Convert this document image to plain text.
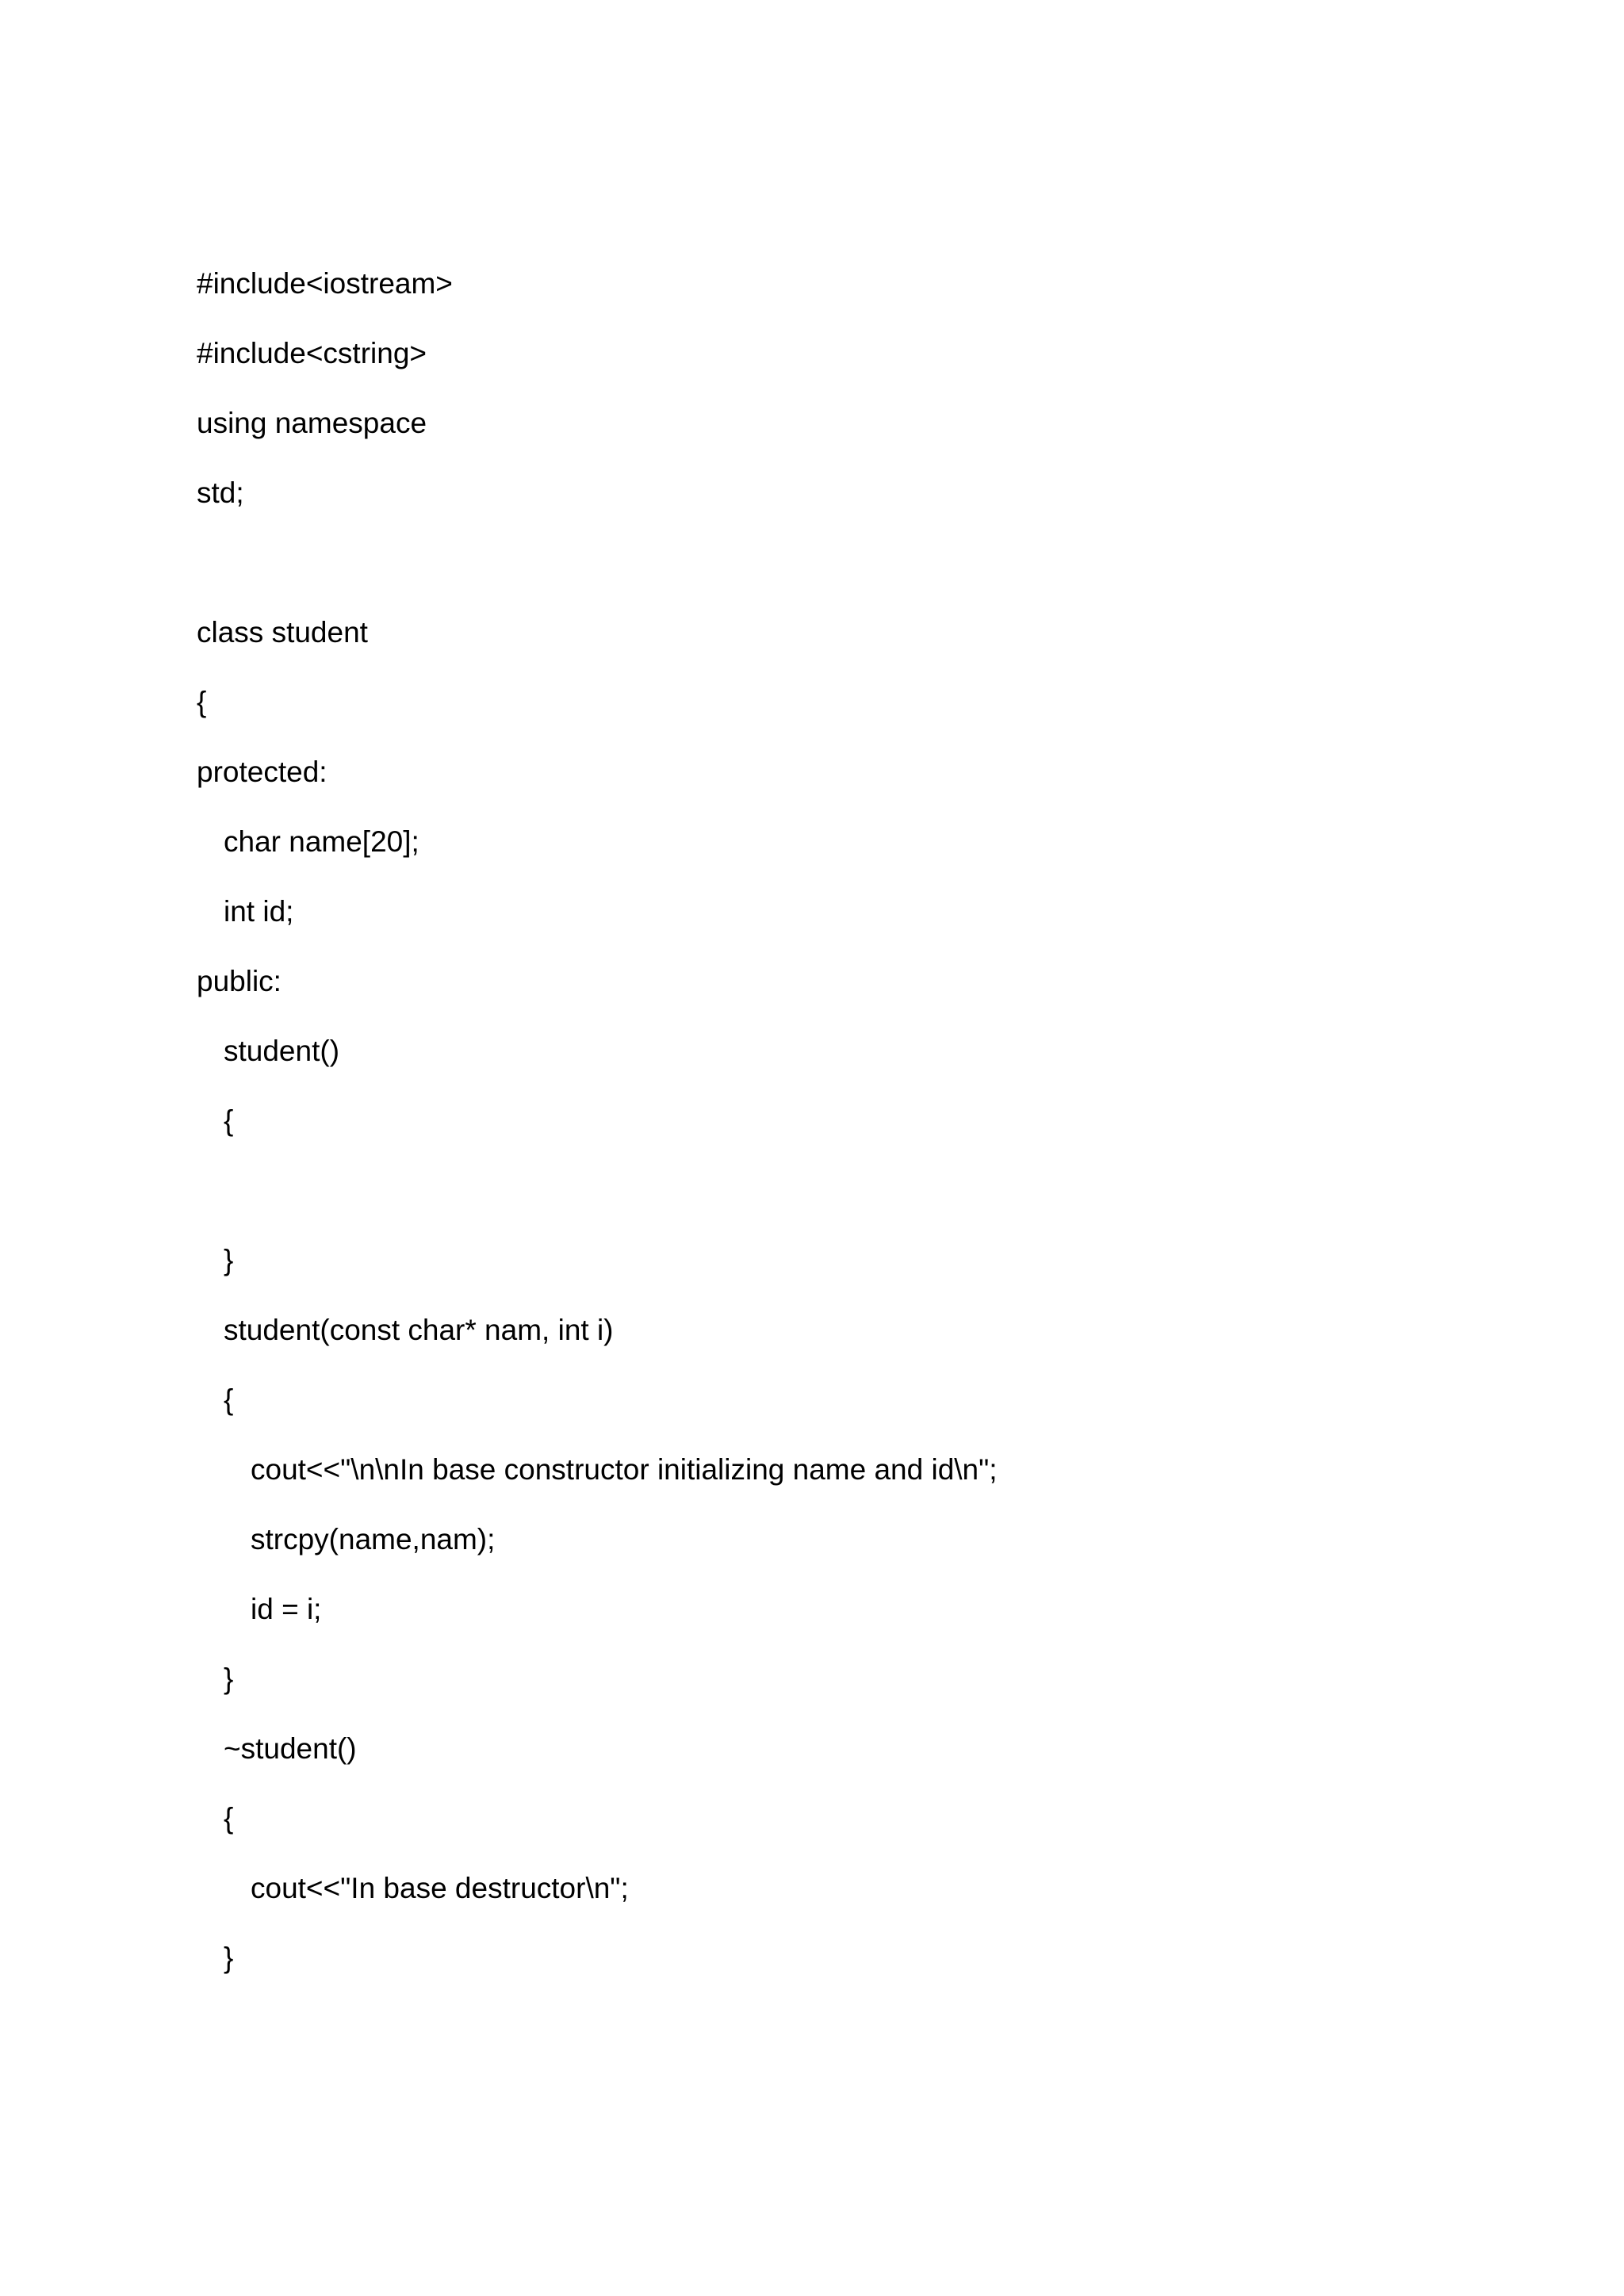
#include<iostream>
#include<cstring>
using namespace
std;
class student
{
protected:
char name[20];
int id;
public:
student()
{
}
student(const char* nam, int i)
{
cout<<"\n\nIn base constructor initializing name and id\n";
strcpy(name,nam);
id = i;
}
~student()
{
cout<<"In base destructor\n";
}
